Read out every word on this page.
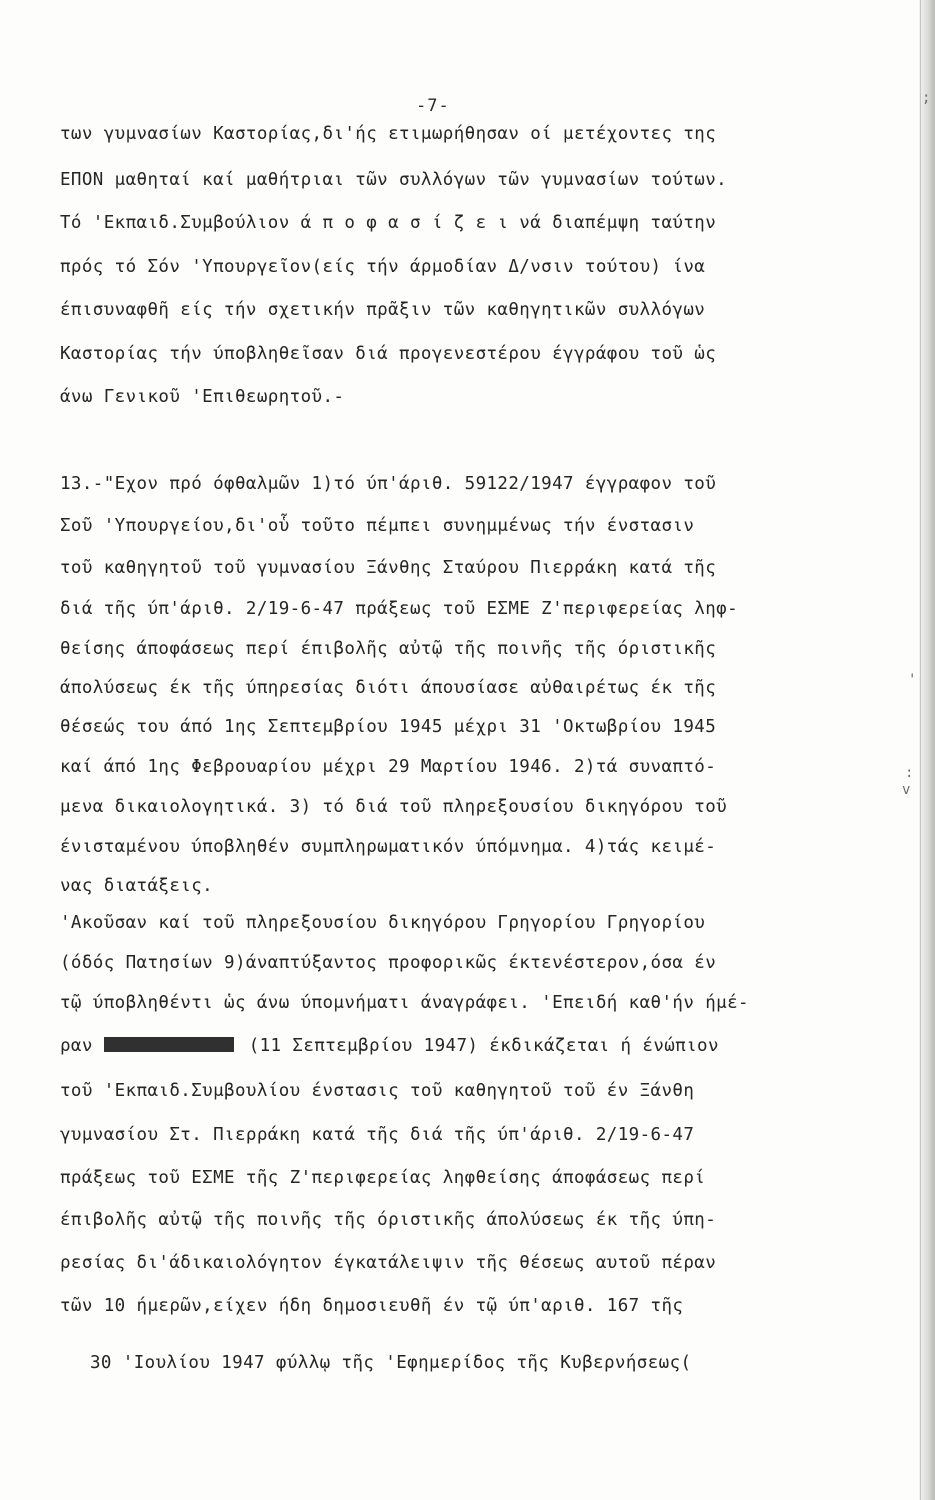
;
'
:
v
-7-
των γυμνασίων Καστορίας,δι'ής ετιμωρήθησαν οί μετέχοντες της
ΕΠΟΝ μαθηταί καί μαθήτριαι τῶν συλλόγων τῶν γυμνασίων τούτων.
Τό 'Εκπαιδ.Συμβούλιον ά π ο φ α σ ί ζ ε ι νά διαπέμψη ταύτην
πρός τό Σόν 'Υπουργεῖον(είς τήν άρμοδίαν Δ/νσιν τούτου) ίνα
έπισυναφθῆ είς τήν σχετικήν πρᾶξιν τῶν καθηγητικῶν συλλόγων
Καστορίας τήν ύποβληθεῖσαν διά προγενεστέρου έγγράφου τοῦ ὡς
άνω Γενικοῦ 'Επιθεωρητοῦ.-
13.-"Εχον πρό όφθαλμῶν 1)τό ύπ'άριθ. 59122/1947 έγγραφον τοῦ
Σοῦ 'Υπουργείου,δι'οὗ τοῦτο πέμπει συνημμένως τήν ένστασιν
τοῦ καθηγητοῦ τοῦ γυμνασίου Ξάνθης Σταύρου Πιερράκη κατά τῆς
διά τῆς ύπ'άριθ. 2/19-6-47 πράξεως τοῦ ΕΣΜΕ Ζ'περιφερείας ληφ-
θείσης άποφάσεως περί έπιβολῆς αὐτῷ τῆς ποινῆς τῆς όριστικῆς
άπολύσεως έκ τῆς ύπηρεσίας διότι άπουσίασε αὐθαιρέτως έκ τῆς
θέσεώς του άπό 1ης Σεπτεμβρίου 1945 μέχρι 31 'Οκτωβρίου 1945
καί άπό 1ης Φεβρουαρίου μέχρι 29 Μαρτίου 1946. 2)τά συναπτό-
μενα δικαιολογητικά. 3) τό διά τοῦ πληρεξουσίου δικηγόρου τοῦ
ένισταμένου ύποβληθέν συμπληρωματικόν ύπόμνημα. 4)τάς κειμέ-
νας διατάξεις.
'Ακοῦσαν καί τοῦ πληρεξουσίου δικηγόρου Γρηγορίου Γρηγορίου
(όδός Πατησίων 9)άναπτύξαντος προφορικῶς έκτενέστερον,όσα έν
τῷ ύποβληθέντι ὡς άνω ύπομνήματι άναγράφει. 'Επειδή καθ'ήν ήμέ-
ραν	(11 Σεπτεμβρίου 1947) έκδικάζεται ή ένώπιον
τοῦ 'Εκπαιδ.Συμβουλίου ένστασις τοῦ καθηγητοῦ τοῦ έν Ξάνθη
γυμνασίου Στ. Πιερράκη κατά τῆς διά τῆς ύπ'άριθ. 2/19-6-47
πράξεως τοῦ ΕΣΜΕ τῆς Ζ'περιφερείας ληφθείσης άποφάσεως περί
έπιβολῆς αὐτῷ τῆς ποινῆς τῆς όριστικῆς άπολύσεως έκ τῆς ύπη-
ρεσίας δι'άδικαιολόγητον έγκατάλειψιν τῆς θέσεως αυτοῦ πέραν
τῶν 10 ήμερῶν,είχεν ήδη δημοσιευθῆ έν τῷ ύπ'αριθ. 167 τῆς
30 'Ιουλίου 1947 φύλλῳ τῆς 'Εφημερίδος τῆς Κυβερνήσεως(
